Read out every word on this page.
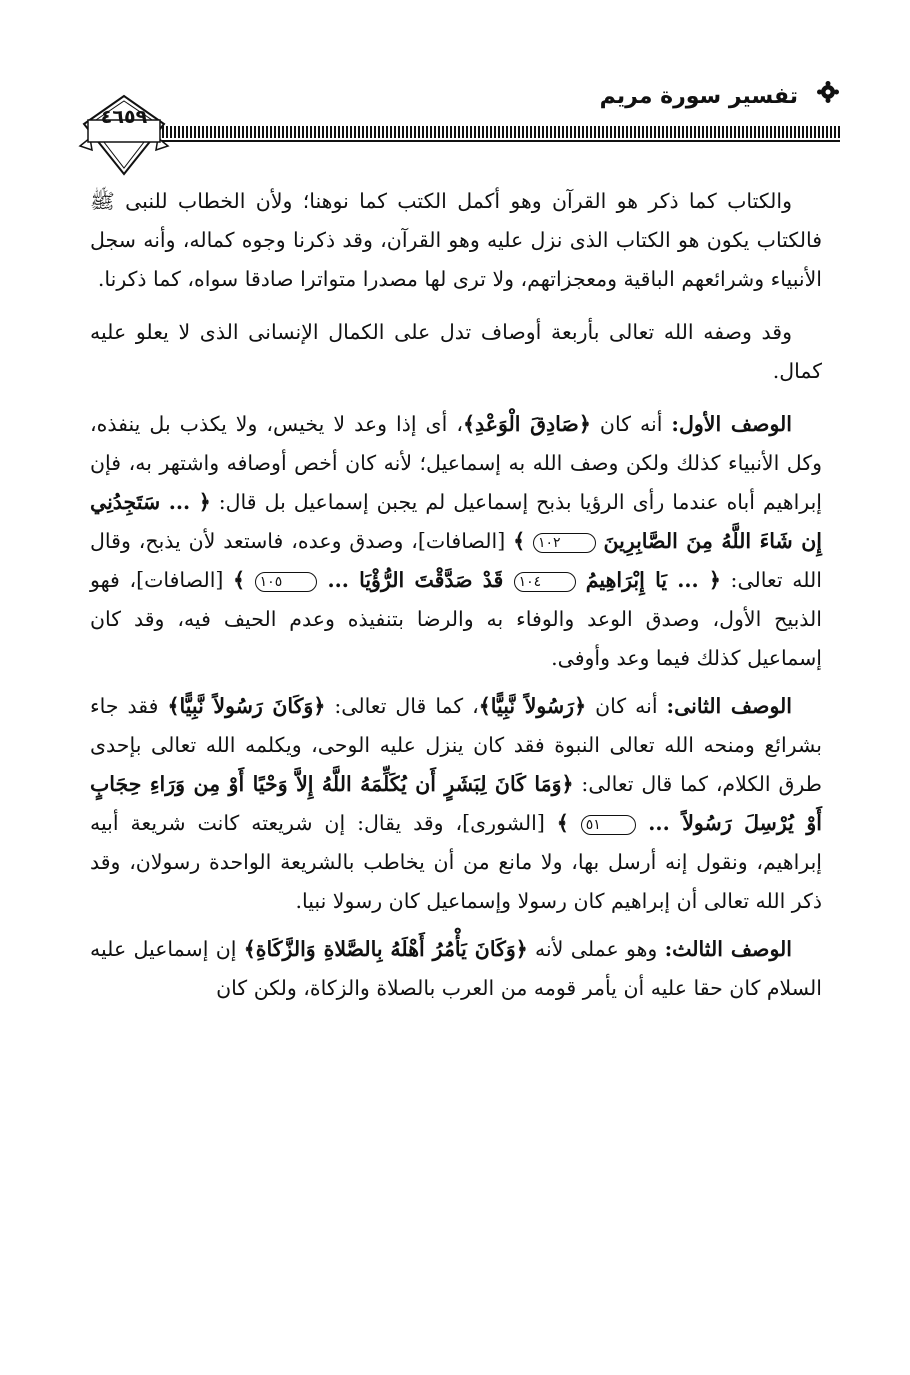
تفسير سورة مريم
٤٦٥٩

والكتاب كما ذكر هو القرآن وهو أكمل الكتب كما نوهنا؛ ولأن الخطاب للنبى ﷺ فالكتاب يكون هو الكتاب الذى نزل عليه وهو القرآن، وقد ذكرنا وجوه كماله، وأنه سجل الأنبياء وشرائعهم الباقية ومعجزاتهم، ولا ترى لها مصدرا متواترا صادقا سواه، كما ذكرنا.

وقد وصفه الله تعالى بأربعة أوصاف تدل على الكمال الإنسانى الذى لا يعلو عليه كمال.

الوصف الأول: أنه كان ﴿صَادِقَ الْوَعْدِ﴾، أى إذا وعد لا يخيس، ولا يكذب بل ينفذه، وكل الأنبياء كذلك ولكن وصف الله به إسماعيل؛ لأنه كان أخص أوصافه واشتهر به، فإن إبراهيم أباه عندما رأى الرؤيا بذبح إسماعيل لم يجبن إسماعيل بل قال: ﴿ ... سَتَجِدُنِي إِن شَاءَ اللَّهُ مِنَ الصَّابِرِينَ ١٠٢ ﴾ [الصافات]، وصدق وعده، فاستعد لأن يذبح، وقال الله تعالى: ﴿ ... يَا إِبْرَاهِيمُ ١٠٤ قَدْ صَدَّقْتَ الرُّؤْيَا ... ١٠٥ ﴾ [الصافات]، فهو الذبيح الأول، وصدق الوعد والوفاء به والرضا بتنفيذه وعدم الحيف فيه، وقد كان إسماعيل كذلك فيما وعد وأوفى.

الوصف الثانى: أنه كان ﴿رَسُولاً نَّبِيًّا﴾، كما قال تعالى: ﴿وَكَانَ رَسُولاً نَّبِيًّا﴾ فقد جاء بشرائع ومنحه الله تعالى النبوة فقد كان ينزل عليه الوحى، ويكلمه الله تعالى بإحدى طرق الكلام، كما قال تعالى: ﴿وَمَا كَانَ لِبَشَرٍ أَن يُكَلِّمَهُ اللَّهُ إِلاَّ وَحْيًا أَوْ مِن وَرَاءِ حِجَابٍ أَوْ يُرْسِلَ رَسُولاً ... ٥١ ﴾ [الشورى]، وقد يقال: إن شريعته كانت شريعة أبيه إبراهيم، ونقول إنه أرسل بها، ولا مانع من أن يخاطب بالشريعة الواحدة رسولان، وقد ذكر الله تعالى أن إبراهيم كان رسولا وإسماعيل كان رسولا نبيا.

الوصف الثالث: وهو عملى لأنه ﴿وَكَانَ يَأْمُرُ أَهْلَهُ بِالصَّلاةِ وَالزَّكَاةِ﴾ إن إسماعيل عليه السلام كان حقا عليه أن يأمر قومه من العرب بالصلاة والزكاة، ولكن كان
